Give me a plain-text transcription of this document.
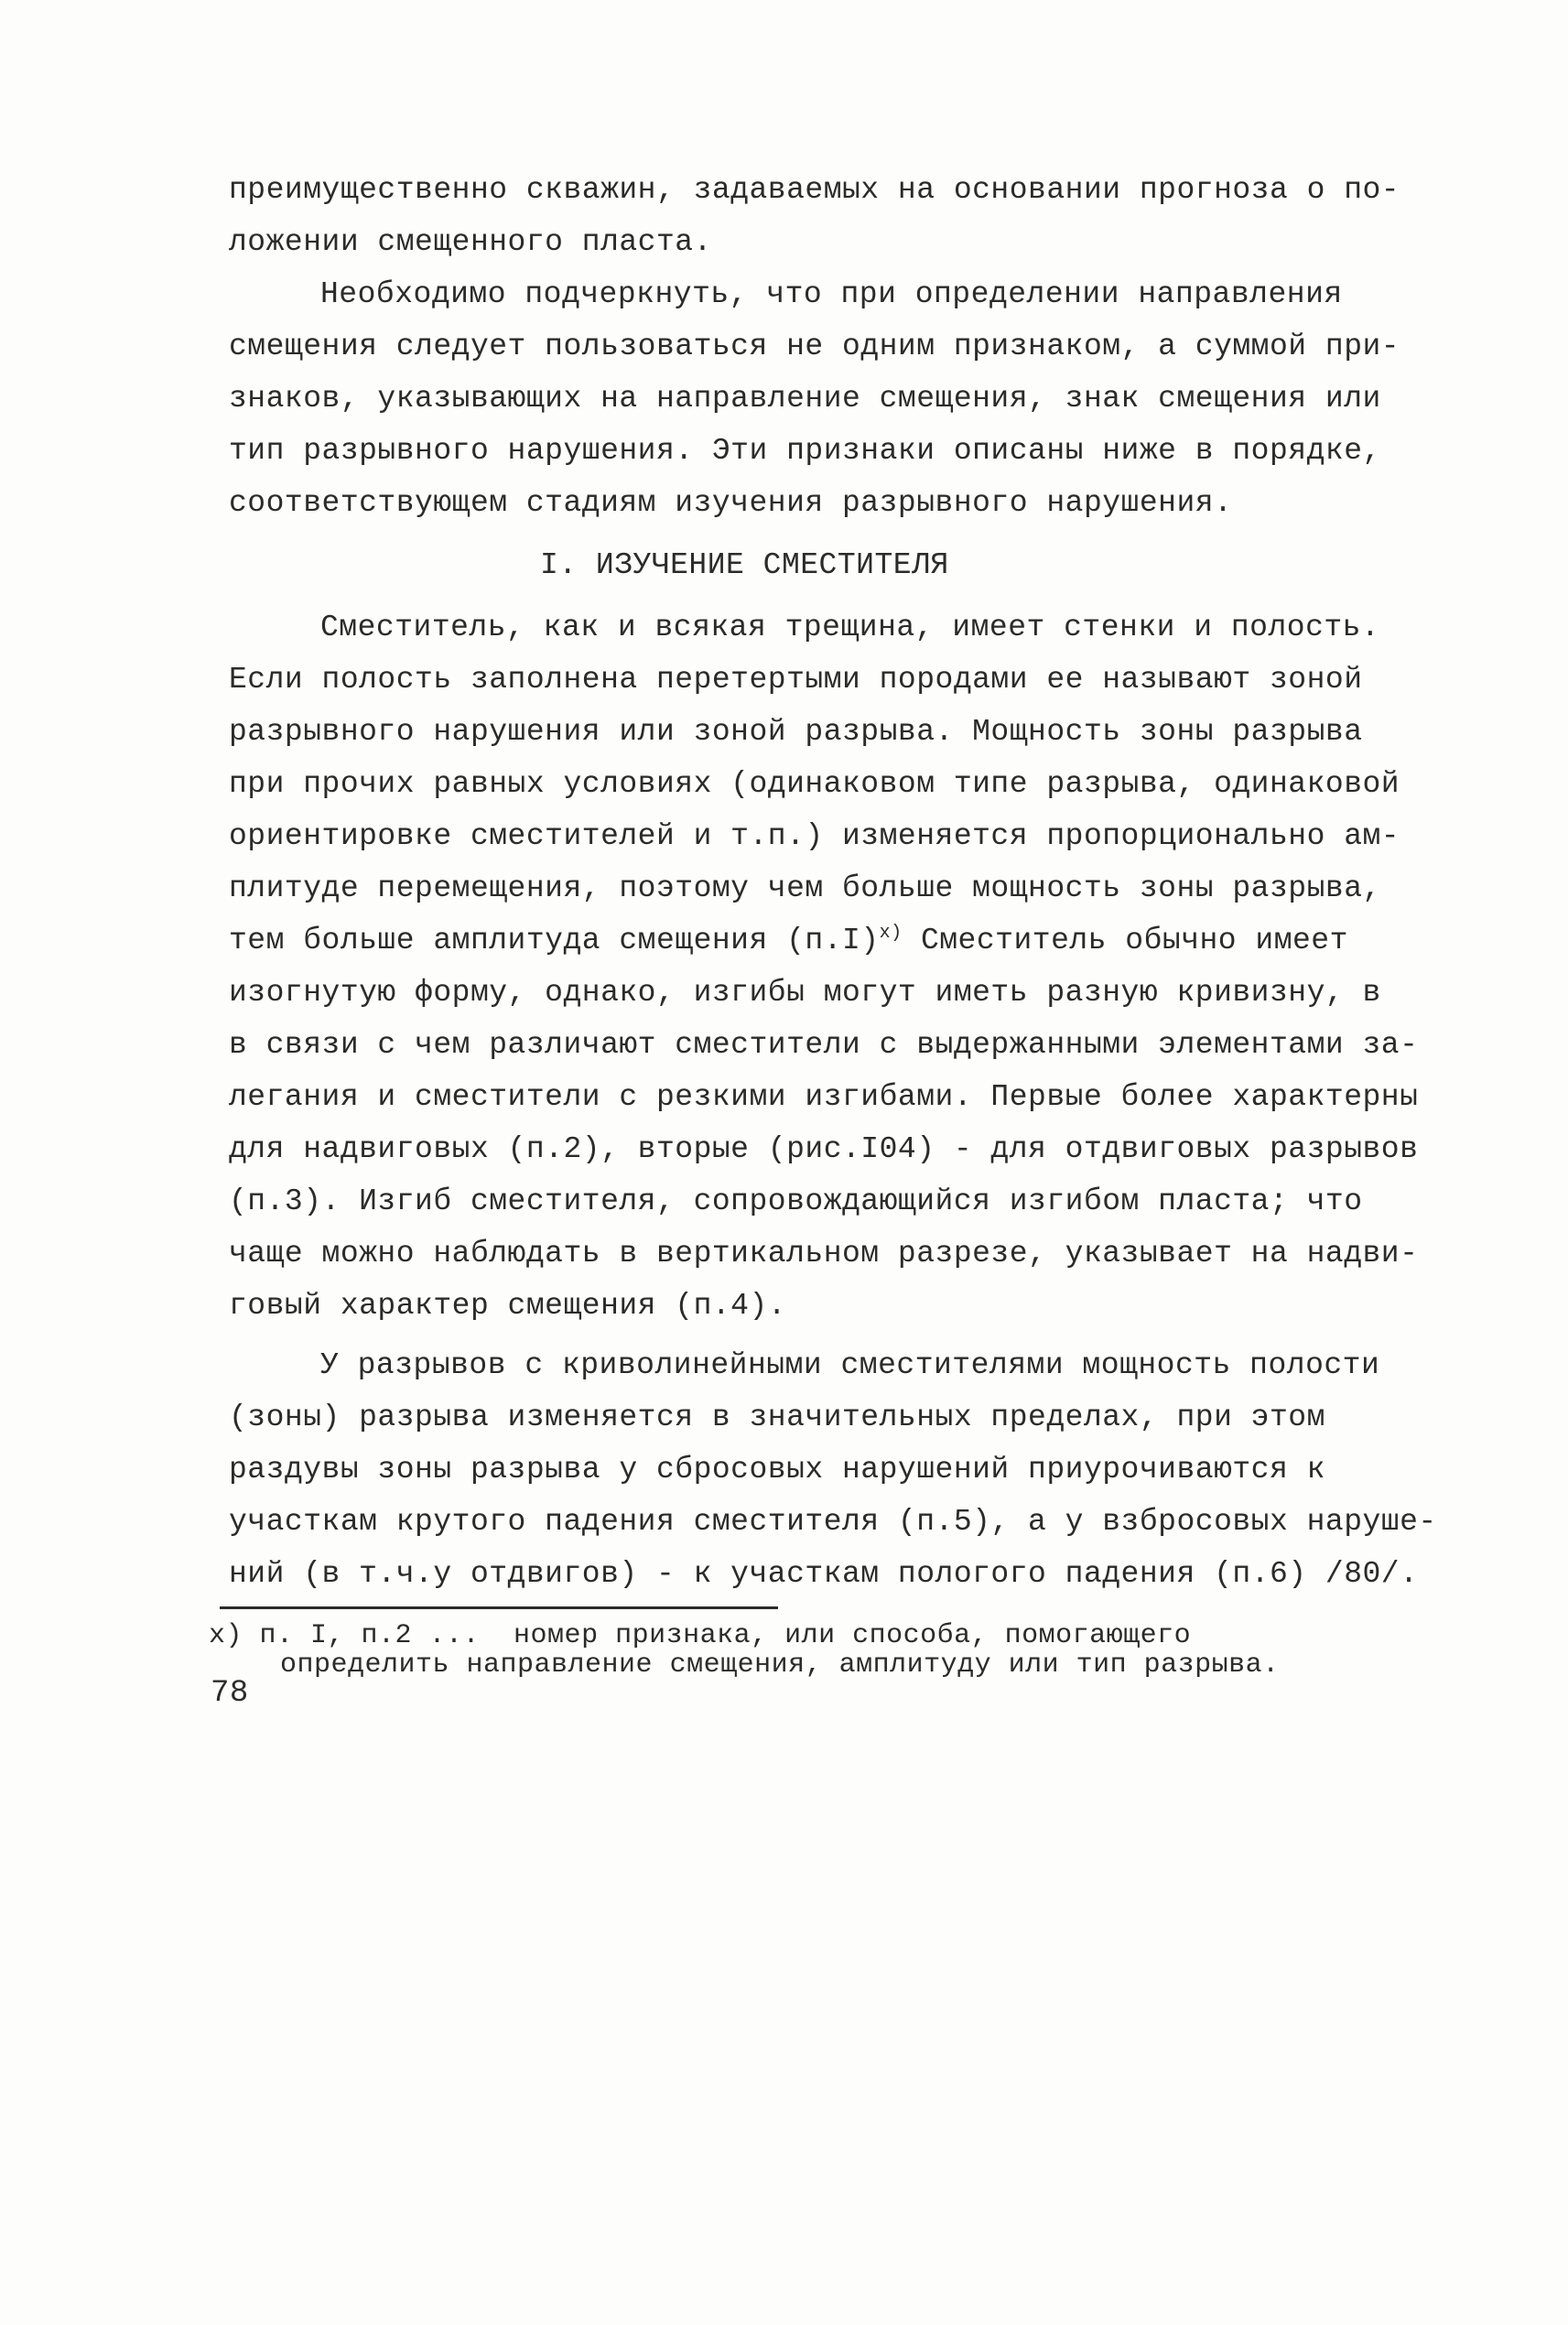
преимущественно скважин, задаваемых на основании прогноза о по-
ложении смещенного пласта.
Необходимо подчеркнуть, что при определении направления
смещения следует пользоваться не одним признаком, а суммой при-
знаков, указывающих на направление смещения, знак смещения или
тип разрывного нарушения. Эти признаки описаны ниже в порядке,
соответствующем стадиям изучения разрывного нарушения.
I. ИЗУЧЕНИЕ СМЕСТИТЕЛЯ
Сместитель, как и всякая трещина, имеет стенки и полость.
Если полость заполнена перетертыми породами ее называют зоной
разрывного нарушения или зоной разрыва. Мощность зоны разрыва
при прочих равных условиях (одинаковом типе разрыва, одинаковой
ориентировке сместителей и т.п.) изменяется пропорционально ам-
плитуде перемещения, поэтому чем больше мощность зоны разрыва,
тем больше амплитуда смещения $(п.I)^{x)}$ Сместитель обычно имеет
изогнутую форму, однако, изгибы могут иметь разную кривизну, в
в связи с чем различают сместители с выдержанными элементами за-
легания и сместители с резкими изгибами. Первые более характерны
для надвиговых (п.2), вторые (рис.I04) - для отдвиговых разрывов
(п.3). Изгиб сместителя, сопровождающийся изгибом пласта; что
чаще можно наблюдать в вертикальном разрезе, указывает на надви-
говый характер смещения (п.4).
У разрывов с криволинейными сместителями мощность полости
(зоны) разрыва изменяется в значительных пределах, при этом
раздувы зоны разрыва у сбросовых нарушений приурочиваются к
участкам крутого падения сместителя (п.5), а у взбросовых наруше-
ний (в т.ч.у отдвигов) - к участкам пологого падения (п.6) /80/.
x) п. I, п.2 ...  номер признака, или способа, помогающего
определить направление смещения, амплитуду или тип разрыва.
78
